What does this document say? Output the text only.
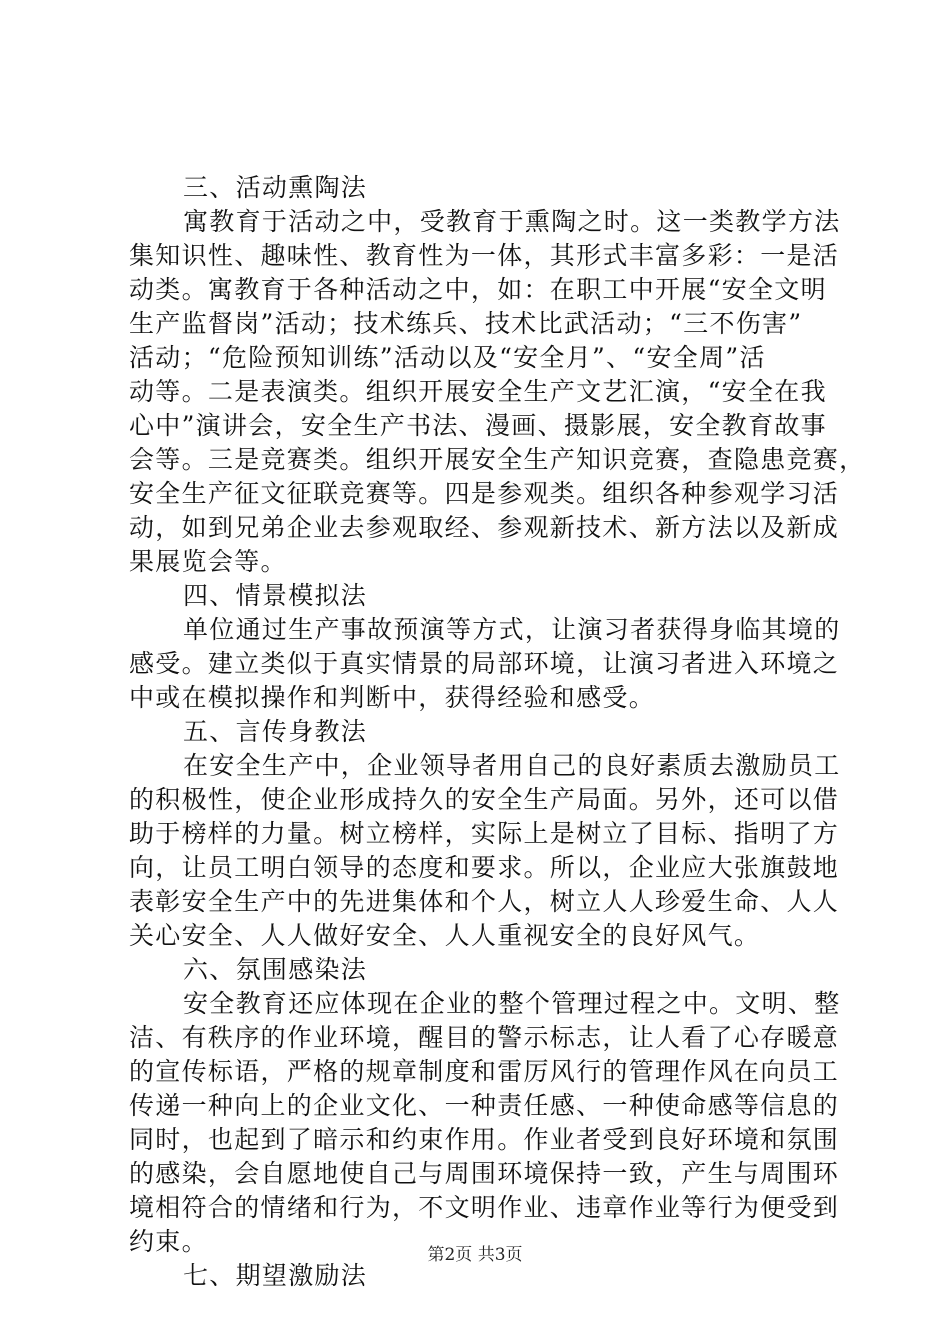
三、活动熏陶法
寓教育于活动之中，受教育于熏陶之时。这一类教学方法
集知识性、趣味性、教育性为一体，其形式丰富多彩：一是活
动类。寓教育于各种活动之中，如：在职工中开展“安全文明
生产监督岗”活动；技术练兵、技术比武活动；“三不伤害”
活动；“危险预知训练”活动以及“安全月”、“安全周”活
动等。二是表演类。组织开展安全生产文艺汇演，“安全在我
心中”演讲会，安全生产书法、漫画、摄影展，安全教育故事
会等。三是竞赛类。组织开展安全生产知识竞赛，查隐患竞赛，
安全生产征文征联竞赛等。四是参观类。组织各种参观学习活
动，如到兄弟企业去参观取经、参观新技术、新方法以及新成
果展览会等。
四、情景模拟法
单位通过生产事故预演等方式，让演习者获得身临其境的
感受。建立类似于真实情景的局部环境，让演习者进入环境之
中或在模拟操作和判断中，获得经验和感受。
五、言传身教法
在安全生产中，企业领导者用自己的良好素质去激励员工
的积极性，使企业形成持久的安全生产局面。另外，还可以借
助于榜样的力量。树立榜样，实际上是树立了目标、指明了方
向，让员工明白领导的态度和要求。所以，企业应大张旗鼓地
表彰安全生产中的先进集体和个人，树立人人珍爱生命、人人
关心安全、人人做好安全、人人重视安全的良好风气。
六、氛围感染法
安全教育还应体现在企业的整个管理过程之中。文明、整
洁、有秩序的作业环境，醒目的警示标志，让人看了心存暖意
的宣传标语，严格的规章制度和雷厉风行的管理作风在向员工
传递一种向上的企业文化、一种责任感、一种使命感等信息的
同时，也起到了暗示和约束作用。作业者受到良好环境和氛围
的感染，会自愿地使自己与周围环境保持一致，产生与周围环
境相符合的情绪和行为，不文明作业、违章作业等行为便受到
约束。
七、期望激励法
第2页 共3页
